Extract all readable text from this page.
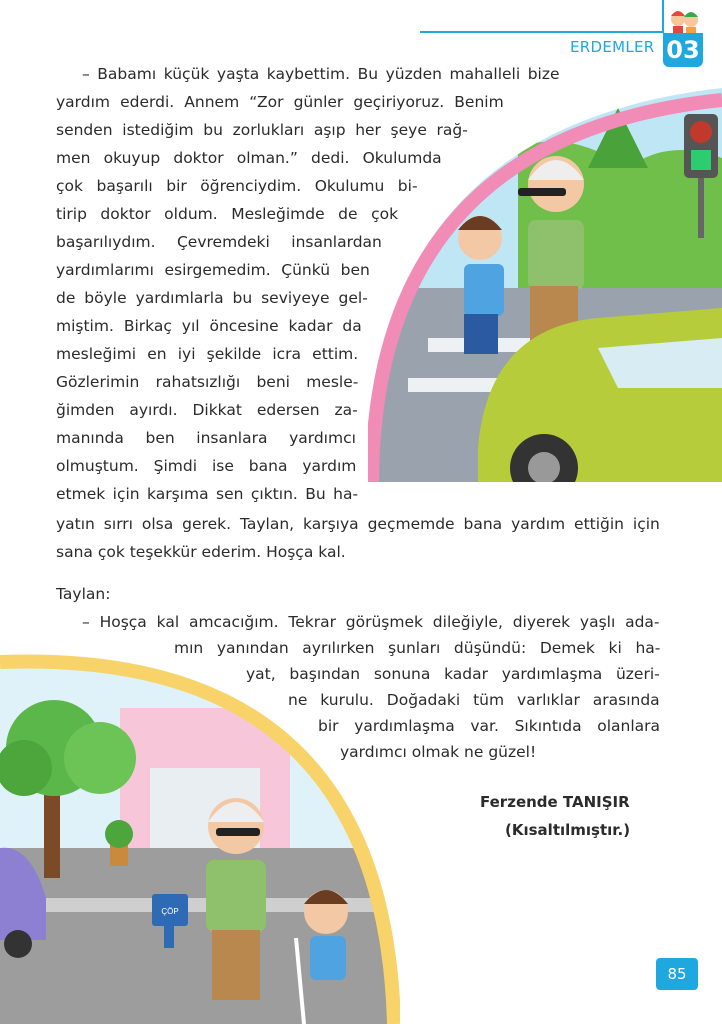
ERDEMLER 03
– Babamı küçük yaşta kaybettim. Bu yüzden mahalleli bize
yardım ederdi. Annem “Zor günler geçiriyoruz. Benim
senden istediğim bu zorlukları aşıp her şeye rağ-
men okuyup doktor olman.” dedi. Okulumda
çok başarılı bir öğrenciydim. Okulumu bi-
tirip doktor oldum. Mesleğimde de çok
başarılıydım. Çevremdeki insanlardan
yardımlarımı esirgemedim. Çünkü ben
de böyle yardımlarla bu seviyeye gel-
miştim. Birkaç yıl öncesine kadar da
mesleğimi en iyi şekilde icra ettim.
Gözlerimin rahatsızlığı beni mesle-
ğimden ayırdı. Dikkat edersen za-
manında ben insanlara yardımcı
olmuştum. Şimdi ise bana yardım
etmek için karşıma sen çıktın. Bu ha-
yatın sırrı olsa gerek. Taylan, karşıya geçmemde bana yardım ettiğin için
sana çok teşekkür ederim. Hoşça kal.
Taylan:
ÇÖP
– Hoşça kal amcacığım. Tekrar görüşmek dileğiyle, diyerek yaşlı ada-
mın yanından ayrılırken şunları düşündü: Demek ki ha-
yat, başından sonuna kadar yardımlaşma üzeri-
ne kurulu. Doğadaki tüm varlıklar arasında
bir yardımlaşma var. Sıkıntıda olanlara
yardımcı olmak ne güzel!
Ferzende TANIŞIR
(Kısaltılmıştır.)
85
